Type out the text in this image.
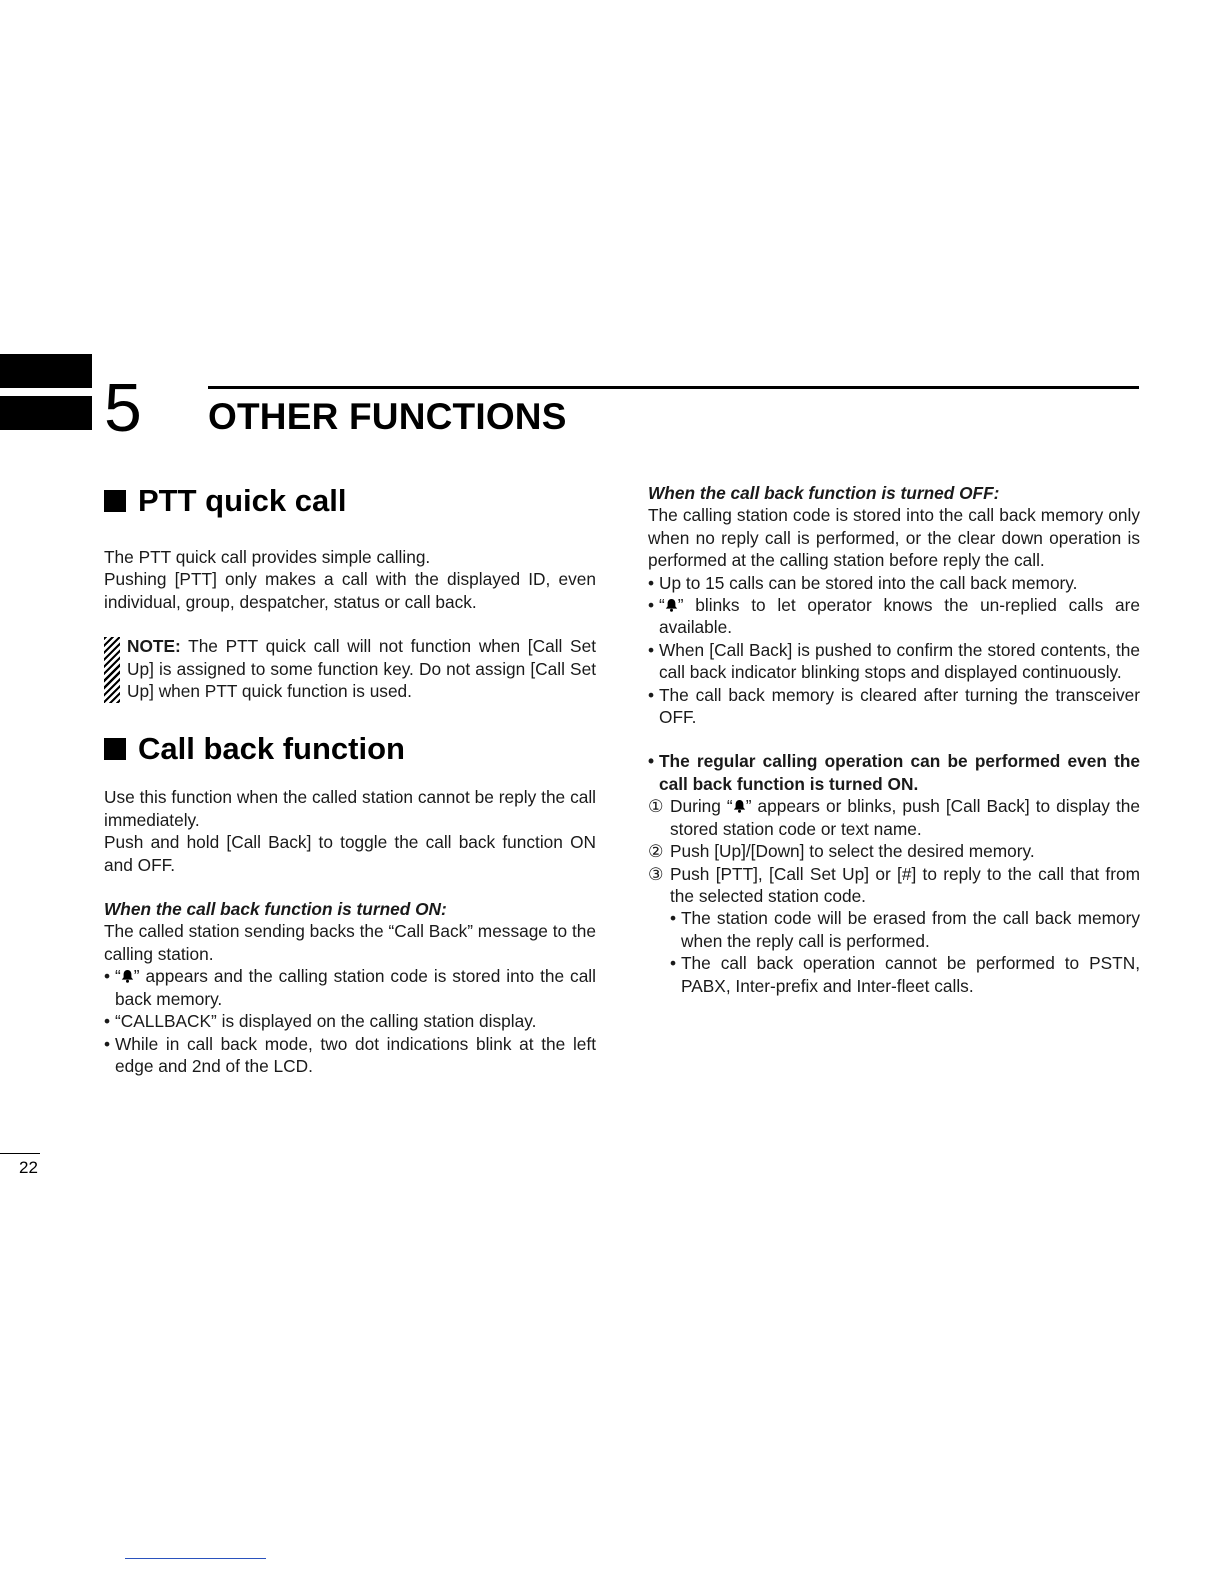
5 OTHER FUNCTIONS
PTT quick call

The PTT quick call provides simple calling.

Pushing [PTT] only makes a call with the displayed ID, even individual, group, despatcher, status or call back.

NOTE: The PTT quick call will not function when [Call Set Up] is assigned to some function key. Do not assign [Call Set Up] when PTT quick function is used.

Call back function

Use this function when the called station cannot be reply the call immediately.

Push and hold [Call Back] to toggle the call back function ON and OFF.

When the call back function is turned ON:

The called station sending backs the “Call Back” message to the calling station.

• “ ” appears and the calling station code is stored into the call back memory.

• “CALLBACK” is displayed on the calling station display.

• While in call back mode, two dot indications blink at the left edge and 2nd of the LCD.

When the call back function is turned OFF:

The calling station code is stored into the call back memory only when no reply call is performed, or the clear down operation is performed at the calling station before reply the call.

• Up to 15 calls can be stored into the call back memory.

• “ ” blinks to let operator knows the un-replied calls are available.

• When [Call Back] is pushed to confirm the stored contents, the call back indicator blinking stops and displayed continuously.

• The call back memory is cleared after turning the transceiver OFF.

• The regular calling operation can be performed even the call back function is turned ON.

① During “ ” appears or blinks, push [Call Back] to display the stored station code or text name.

② Push [Up]/[Down] to select the desired memory.

③ Push [PTT], [Call Set Up] or [#] to reply to the call that from the selected station code.

• The station code will be erased from the call back memory when the reply call is performed.

• The call back operation cannot be performed to PSTN, PABX, Inter-prefix and Inter-fleet calls.

22
